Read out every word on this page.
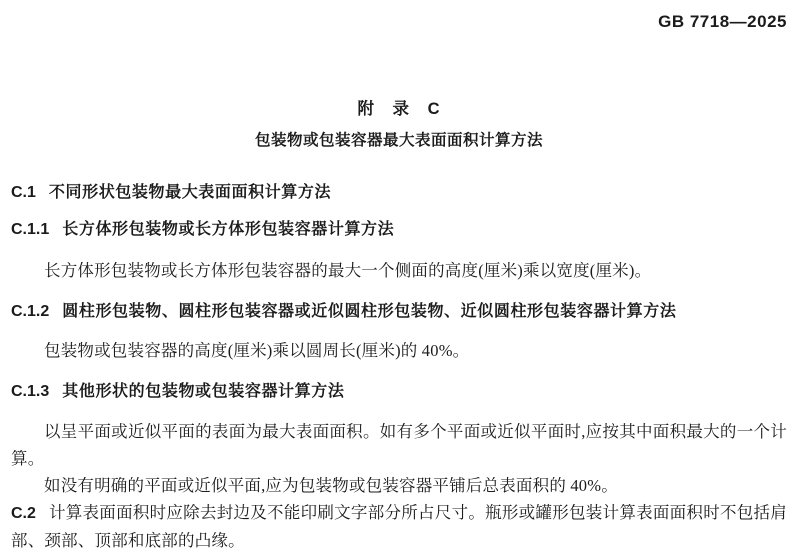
GB 7718—2025
附 录 C
包装物或包装容器最大表面面积计算方法

C.1 不同形状包装物最大表面面积计算方法

C.1.1 长方体形包装物或长方体形包装容器计算方法

长方体形包装物或长方体形包装容器的最大一个侧面的高度(厘米)乘以宽度(厘米)。

C.1.2 圆柱形包装物、圆柱形包装容器或近似圆柱形包装物、近似圆柱形包装容器计算方法

包装物或包装容器的高度(厘米)乘以圆周长(厘米)的 40%。

C.1.3 其他形状的包装物或包装容器计算方法

以呈平面或近似平面的表面为最大表面面积。如有多个平面或近似平面时,应按其中面积最大的一个计算。

如没有明确的平面或近似平面,应为包装物或包装容器平铺后总表面积的 40%。

C.2 计算表面面积时应除去封边及不能印刷文字部分所占尺寸。瓶形或罐形包装计算表面面积时不包括肩部、颈部、顶部和底部的凸缘。
